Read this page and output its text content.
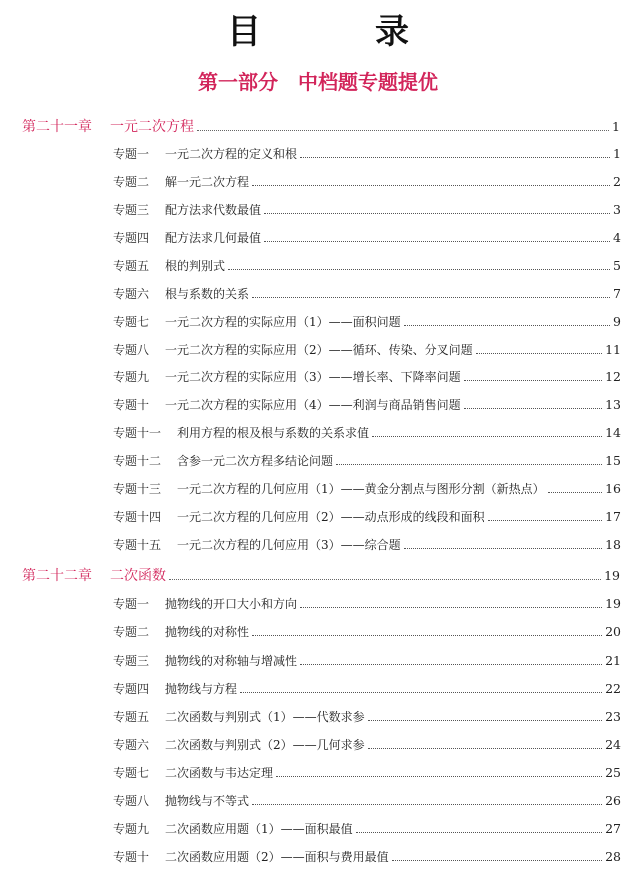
目　录
第一部分　中档题专题提优
第二十一章 一元二次方程	1
专题一 一元二次方程的定义和根	1
专题二 解一元二次方程	2
专题三 配方法求代数最值	3
专题四 配方法求几何最值	4
专题五 根的判别式	5
专题六 根与系数的关系	7
专题七 一元二次方程的实际应用（1）——面积问题	9
专题八 一元二次方程的实际应用（2）——循环、传染、分叉问题	11
专题九 一元二次方程的实际应用（3）——增长率、下降率问题	12
专题十 一元二次方程的实际应用（4）——利润与商品销售问题	13
专题十一 利用方程的根及根与系数的关系求值	14
专题十二 含参一元二次方程多结论问题	15
专题十三 一元二次方程的几何应用（1）——黄金分割点与图形分割（新热点）	16
专题十四 一元二次方程的几何应用（2）——动点形成的线段和面积	17
专题十五 一元二次方程的几何应用（3）——综合题	18
第二十二章 二次函数	19
专题一 抛物线的开口大小和方向	19
专题二 抛物线的对称性	20
专题三 抛物线的对称轴与增减性	21
专题四 抛物线与方程	22
专题五 二次函数与判别式（1）——代数求参	23
专题六 二次函数与判别式（2）——几何求参	24
专题七 二次函数与韦达定理	25
专题八 抛物线与不等式	26
专题九 二次函数应用题（1）——面积最值	27
专题十 二次函数应用题（2）——面积与费用最值	28
